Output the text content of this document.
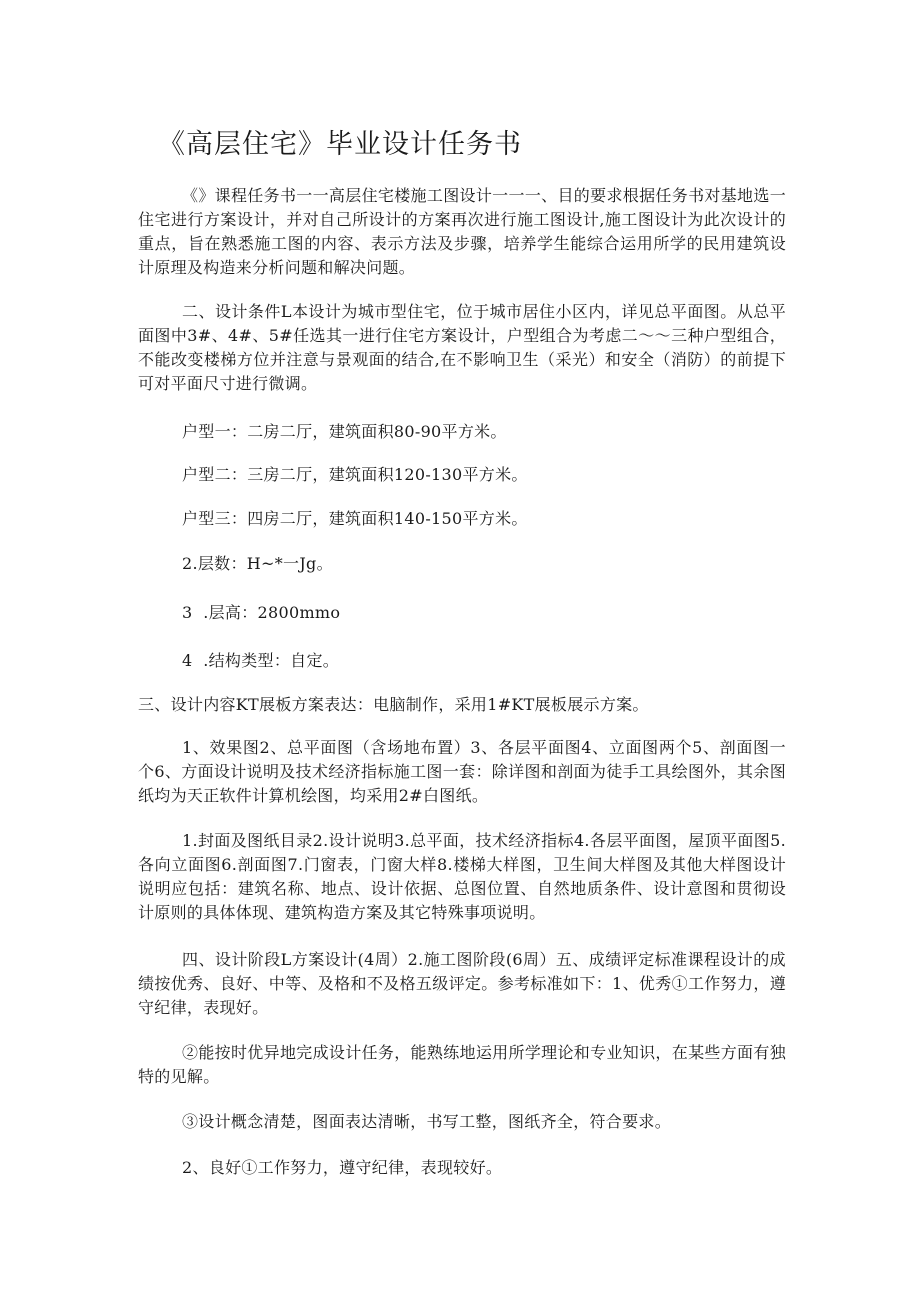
《高层住宅》毕业设计任务书

《》课程任务书一一高层住宅楼施工图设计一一一、目的要求根据任务书对基地选一住宅进行方案设计，并对自己所设计的方案再次进行施工图设计,施工图设计为此次设计的重点，旨在熟悉施工图的内容、表示方法及步骤，培养学生能综合运用所学的民用建筑设计原理及构造来分析问题和解决问题。

二、设计条件L本设计为城市型住宅，位于城市居住小区内，详见总平面图。从总平面图中3#、4#、5#任选其一进行住宅方案设计，户型组合为考虑二～～三种户型组合，不能改变楼梯方位并注意与景观面的结合,在不影响卫生（采光）和安全（消防）的前提下可对平面尺寸进行微调。

户型一：二房二厅，建筑面积80-90平方米。

户型二：三房二厅，建筑面积120-130平方米。

户型三：四房二厅，建筑面积140-150平方米。

2.层数：H~*一Jg。

3  .层高：2800mmo

4  .结构类型：自定。

三、设计内容KT展板方案表达：电脑制作，采用1#KT展板展示方案。

1、效果图2、总平面图（含场地布置）3、各层平面图4、立面图两个5、剖面图一个6、方面设计说明及技术经济指标施工图一套：除详图和剖面为徒手工具绘图外，其余图纸均为天正软件计算机绘图，均采用2#白图纸。

1.封面及图纸目录2.设计说明3.总平面，技术经济指标4.各层平面图，屋顶平面图5.各向立面图6.剖面图7.门窗表，门窗大样8.楼梯大样图，卫生间大样图及其他大样图设计说明应包括：建筑名称、地点、设计依据、总图位置、自然地质条件、设计意图和贯彻设计原则的具体体现、建筑构造方案及其它特殊事项说明。

四、设计阶段L方案设计(4周）2.施工图阶段(6周）五、成绩评定标准课程设计的成绩按优秀、良好、中等、及格和不及格五级评定。参考标准如下：1、优秀①工作努力，遵守纪律，表现好。

②能按时优异地完成设计任务，能熟练地运用所学理论和专业知识，在某些方面有独特的见解。

③设计概念清楚，图面表达清晰，书写工整，图纸齐全，符合要求。

2、良好①工作努力，遵守纪律，表现较好。
